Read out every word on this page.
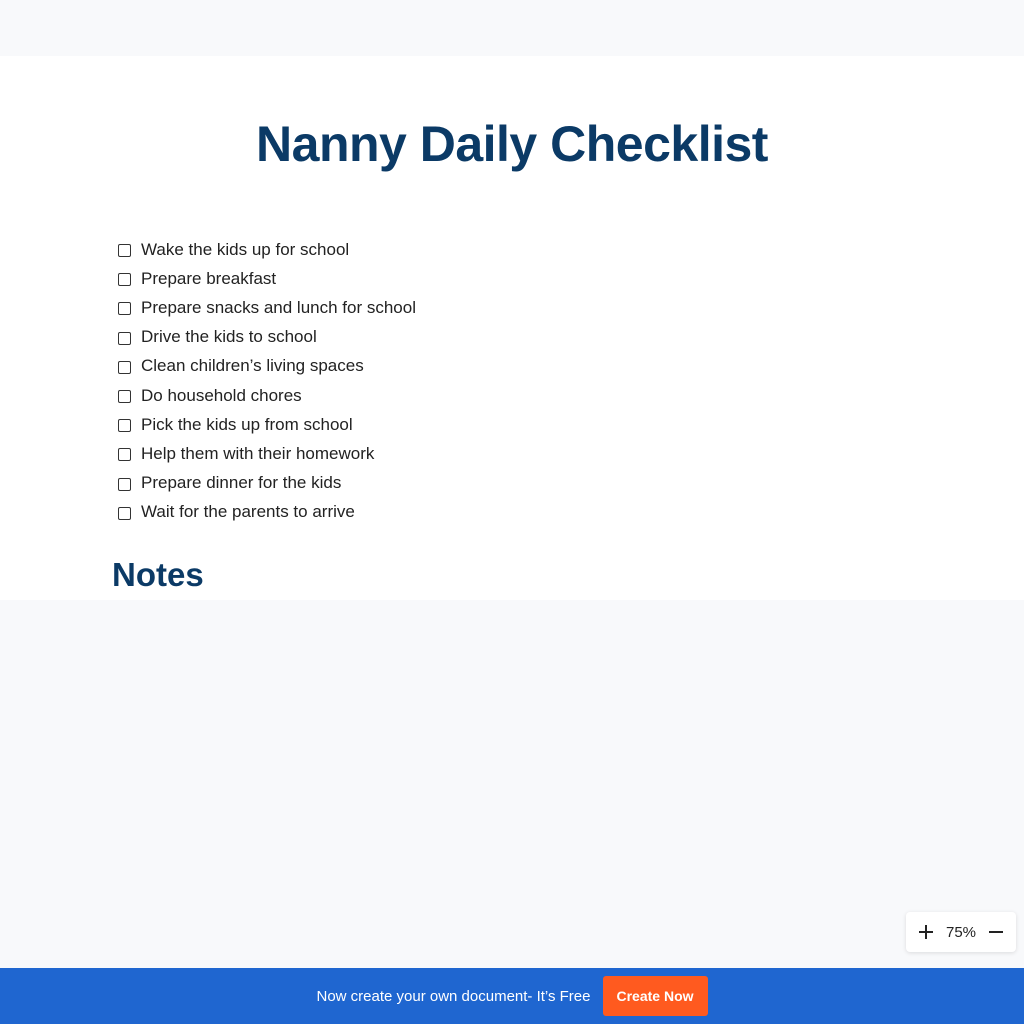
Nanny Daily Checklist
Wake the kids up for school
Prepare breakfast
Prepare snacks and lunch for school
Drive the kids to school
Clean children’s living spaces
Do household chores
Pick the kids up from school
Help them with their homework
Prepare dinner for the kids
Wait for the parents to arrive
Notes
75%
Now create your own document- It’s Free	Create Now
